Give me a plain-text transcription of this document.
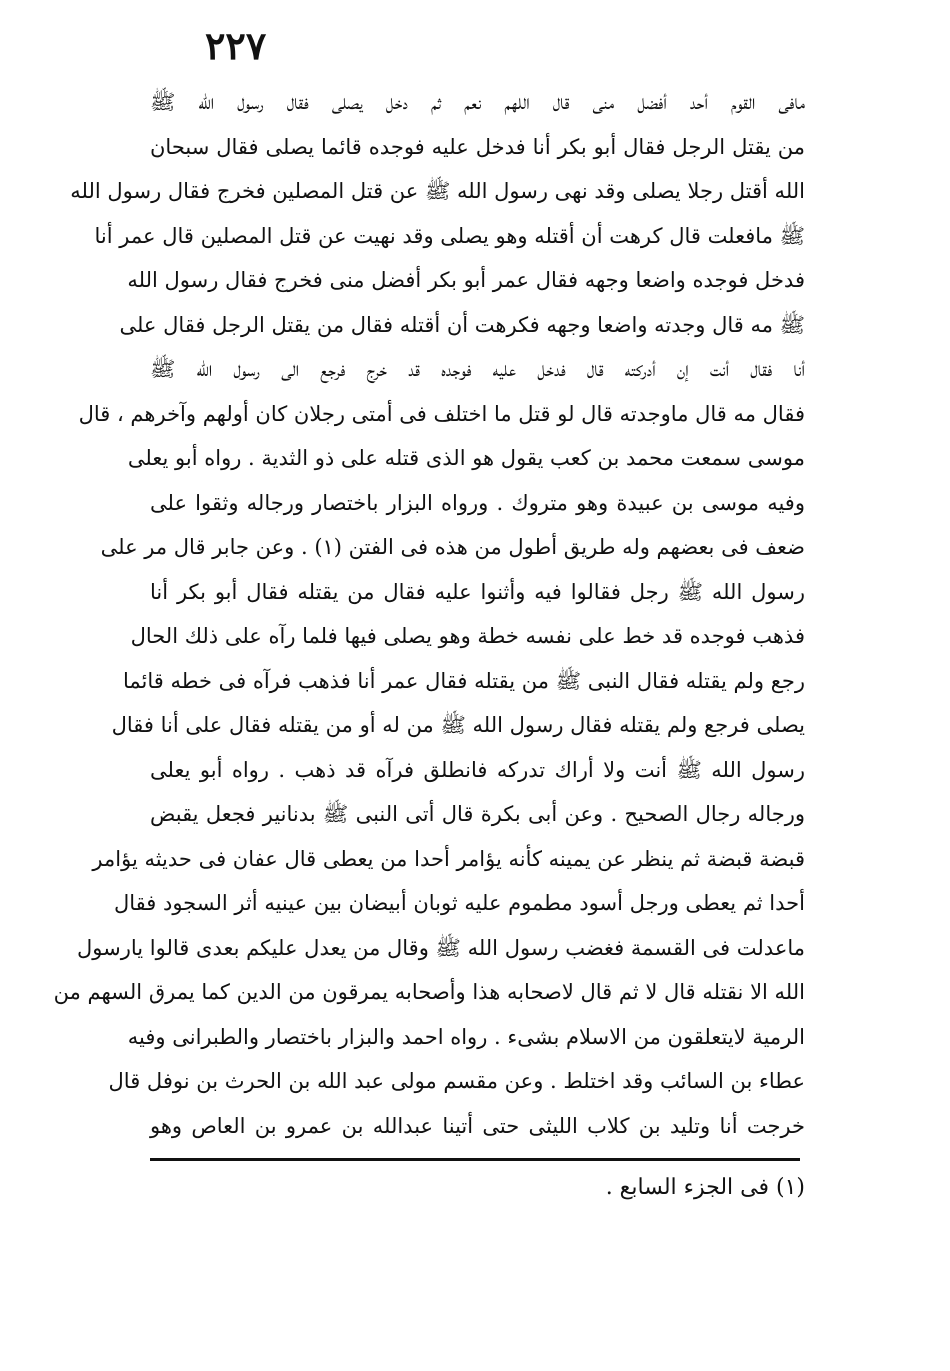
٢٢٧
مافى القوم أحد أفضل منى قال اللهم نعم ثم دخل يصلى فقال رسول الله ﷺ
من يقتل الرجل فقال أبو بكر أنا فدخل عليه فوجده قائما يصلى فقال سبحان
الله أقتل رجلا يصلى وقد نهى رسول الله ﷺ عن قتل المصلين فخرج فقال رسول الله
ﷺ مافعلت قال كرهت أن أقتله وهو يصلى وقد نهيت عن قتل المصلين قال عمر أنا
فدخل فوجده واضعا وجهه فقال عمر أبو بكر أفضل منى فخرج فقال رسول الله
ﷺ مه قال وجدته واضعا وجهه فكرهت أن أقتله فقال من يقتل الرجل فقال على
أنا فقال أنت إن أدركته قال فدخل عليه فوجده قد خرج فرجع الى رسول الله ﷺ
فقال مه قال ماوجدته قال لو قتل ما اختلف فى أمتى رجلان كان أولهم وآخرهم ، قال
موسى سمعت محمد بن كعب يقول هو الذى قتله على ذو الثدية . رواه أبو يعلى
وفيه موسى بن عبيدة وهو متروك . ورواه البزار باختصار ورجاله وثقوا على
ضعف فى بعضهم وله طريق أطول من هذه فى الفتن (١) . وعن جابر قال مر على
رسول الله ﷺ رجل فقالوا فيه وأثنوا عليه فقال من يقتله فقال أبو بكر أنا
فذهب فوجده قد خط على نفسه خطة وهو يصلى فيها فلما رآه على ذلك الحال
رجع ولم يقتله فقال النبى ﷺ من يقتله فقال عمر أنا فذهب فرآه فى خطه قائما
يصلى فرجع ولم يقتله فقال رسول الله ﷺ من له أو من يقتله فقال على أنا فقال
رسول الله ﷺ أنت ولا أراك تدركه فانطلق فرآه قد ذهب . رواه أبو يعلى
ورجاله رجال الصحيح . وعن أبى بكرة قال أتى النبى ﷺ بدنانير فجعل يقبض
قبضة قبضة ثم ينظر عن يمينه كأنه يؤامر أحدا من يعطى قال عفان فى حديثه يؤامر
أحدا ثم يعطى ورجل أسود مطموم عليه ثوبان أبيضان بين عينيه أثر السجود فقال
ماعدلت فى القسمة فغضب رسول الله ﷺ وقال من يعدل عليكم بعدى قالوا يارسول
الله الا نقتله قال لا ثم قال لاصحابه هذا وأصحابه يمرقون من الدين كما يمرق السهم من
الرمية لايتعلقون من الاسلام بشىء . رواه احمد والبزار باختصار والطبرانى وفيه
عطاء بن السائب وقد اختلط . وعن مقسم مولى عبد الله بن الحرث بن نوفل قال
خرجت أنا وتليد بن كلاب الليثى حتى أتينا عبدالله بن عمرو بن العاص وهو
(١) فى الجزء السابع .
